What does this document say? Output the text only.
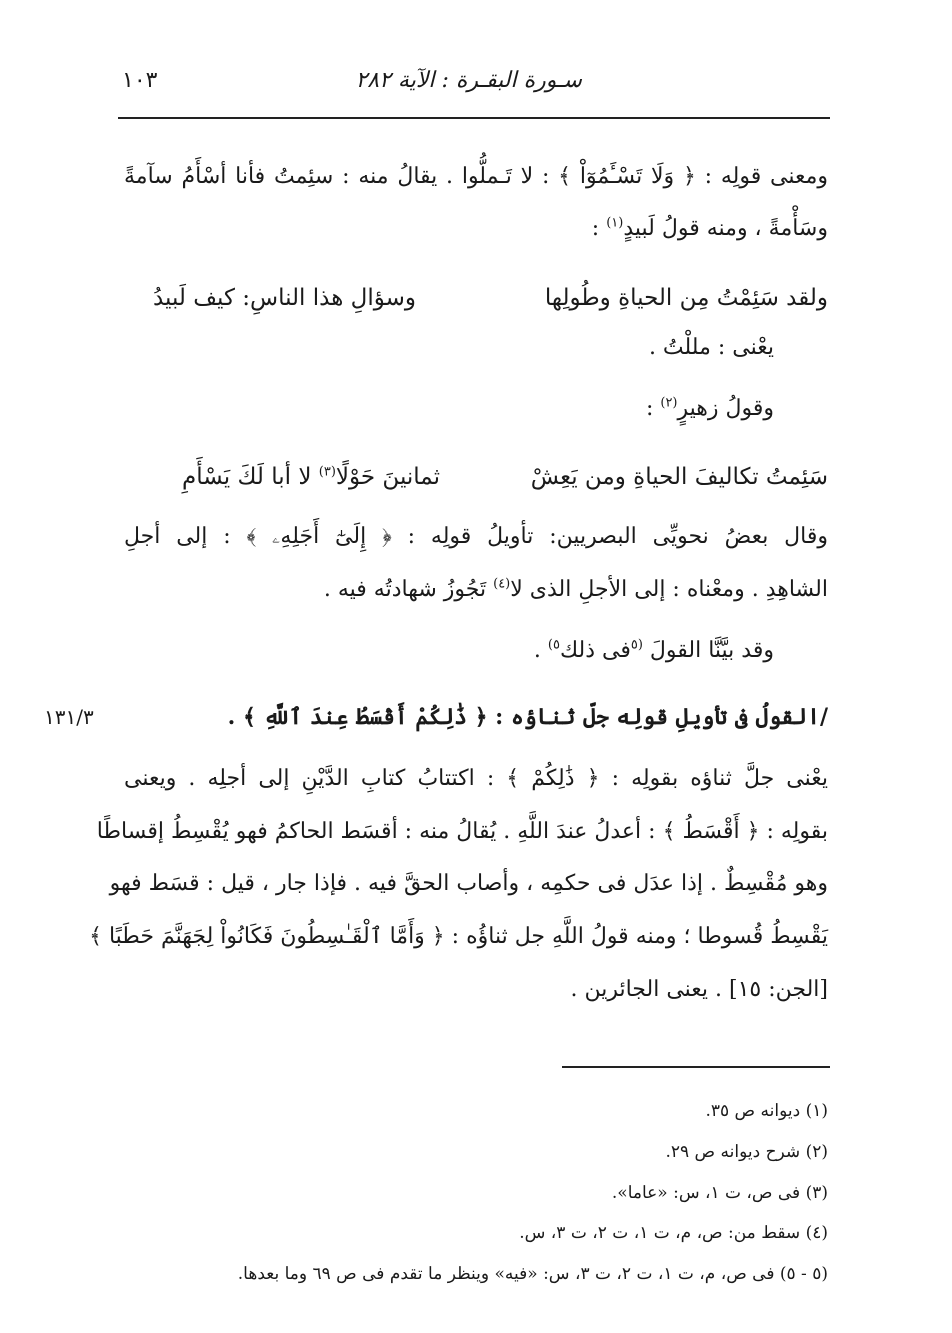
سـورة البقـرة : الآية ٢٨٢
١٠٣
ومعنى قولِه : ﴿ وَلَا تَسْـَٔمُوٓاْ ﴾ : لا تَـملُّوا . يقالُ منه : سئِمتُ فأنا أسْأَمُ سآمةً
وسَأْمةً ، ومنه قولُ لَبيدٍ$^{(١)}$ :
ولقد سَئِمْتُ مِن الحياةِ وطُولِها
وسؤالِ هذا الناسِ: كيف لَبيدُ
يعْنى : مللْتُ .
وقولُ زهيرٍ$^{(٢)}$ :
سَئِمتُ تكاليفَ الحياةِ ومن يَعِشْ
ثمانينَ حَوْلًا$^{(٣)}$ لا أبا لَكَ يَسْأَمِ
وقال بعضُ نحويِّى البصريين: تأويلُ قولِه : ﴿ إِلَىٰٓ أَجَلِهِۦ ﴾ : إلى أجلِ
الشاهِدِ . ومعْناه : إلى الأجلِ الذى لا$^{(٤)}$ تَجُوزُ شهادتُه فيه .
وقد بيَّنَّا القولَ $^{(٥}$فى ذلك$^{٥)}$ .
/القولُ فى تأويلِ قولِه جلّ ثناؤه : ﴿ ذَٰلِكُمْ أَقْسَطُ عِندَ ٱللَّهِ ﴾ .
١٣١/٣
يعْنى جلَّ ثناؤه بقولِه : ﴿ ذَٰلِكُمْ ﴾ : اكتتابُ كتابِ الدَّيْنِ إلى أجلِه . ويعنى
بقولِه : ﴿ أَقْسَطُ ﴾ : أعدلُ عندَ اللَّهِ . يُقالُ منه : أقسَط الحاكمُ فهو يُقْسِطُ إقساطًا
وهو مُقْسِطٌ . إذا عدَل فى حكمِه ، وأصاب الحقَّ فيه . فإذا جار ، قيل : قسَط فهو
يَقْسِطُ قُسوطا ؛ ومنه قولُ اللَّهِ جل ثناؤُه : ﴿ وَأَمَّا ٱلْقَـٰسِطُونَ فَكَانُواْ لِجَهَنَّمَ حَطَبًا ﴾
[الجن: ١٥] . يعنى الجائرين .
(١) ديوانه ص ٣٥.
(٢) شرح ديوانه ص ٢٩.
(٣) فى ص، ت ١، س: «عاما».
(٤) سقط من: ص، م، ت ١، ت ٢، ت ٣، س.
(٥ - ٥) فى ص، م، ت ١، ت ٢، ت ٣، س: «فيه» وينظر ما تقدم فى ص ٦٩ وما بعدها.
